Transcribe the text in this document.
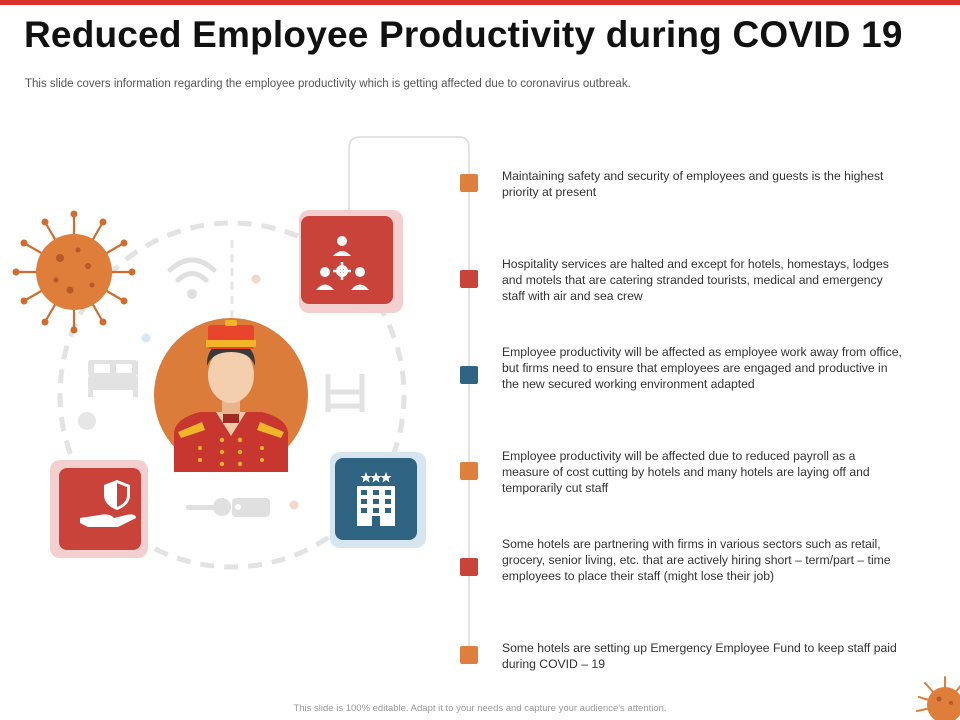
Reduced Employee Productivity during COVID 19

This slide covers information regarding the employee productivity which is getting affected due to coronavirus outbreak.

Maintaining safety and security of employees and guests is the highest priority at present

Hospitality services are halted and except for hotels, homestays, lodges and motels that are catering stranded tourists, medical and emergency staff with air and sea crew

Employee productivity will be affected as employee work away from office, but firms need to ensure that employees are engaged and productive in the new secured working environment adapted

Employee productivity will be affected due to reduced payroll as a measure of cost cutting by hotels and many hotels are laying off and temporarily cut staff

Some hotels are partnering with firms in various sectors such as retail, grocery, senior living, etc. that are actively hiring short – term/part – time employees to place their staff (might lose their job)

Some hotels are setting up Emergency Employee Fund to keep staff paid during COVID – 19

This slide is 100% editable. Adapt it to your needs and capture your audience's attention.
